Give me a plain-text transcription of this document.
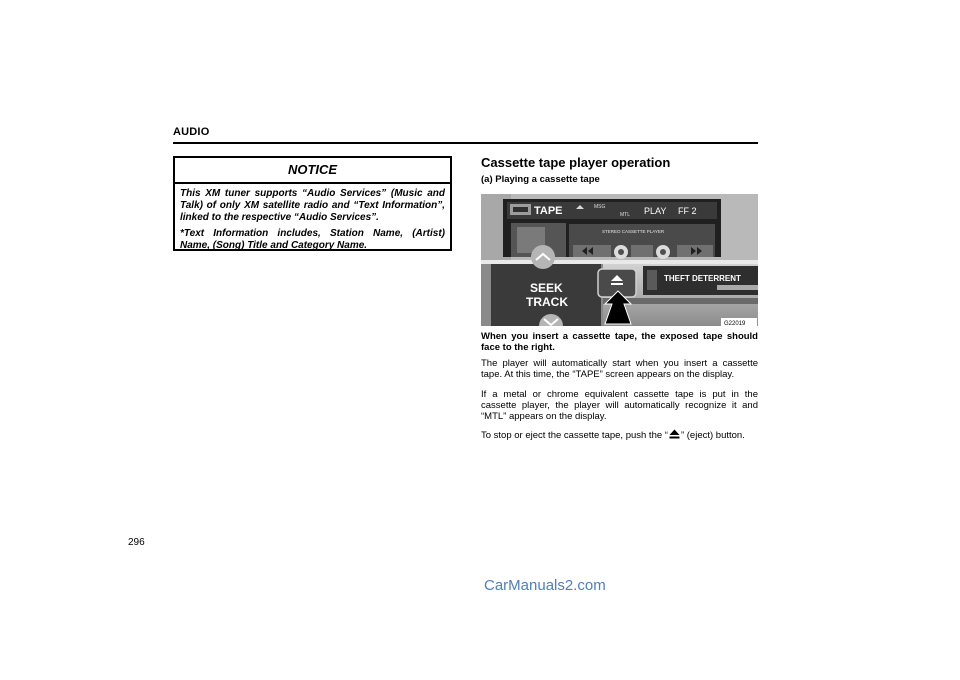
AUDIO
NOTICE
This XM tuner supports “Audio Services” (Music and Talk) of only XM satellite radio and “Text Information”, linked to the respective “Audio Services”.
*Text Information includes, Station Name, (Artist) Name, (Song) Title and Category Name.
Cassette tape player operation
(a) Playing a cassette tape
TAPE	MSG
MTL PLAY FF 2
STEREO CASSETTE PLAYER
SEEK
TRACK
THEFT DETERRENT
G22019
When you insert a cassette tape, the exposed tape should face to the right.
The player will automatically start when you insert a cassette tape. At this time, the “TAPE” screen appears on the display.
If a metal or chrome equivalent cassette tape is put in the cassette player, the player will automatically recognize it and “MTL” appears on the display.
To stop or eject the cassette tape, push the “ ” (eject) button.
296
CarManuals2.com
